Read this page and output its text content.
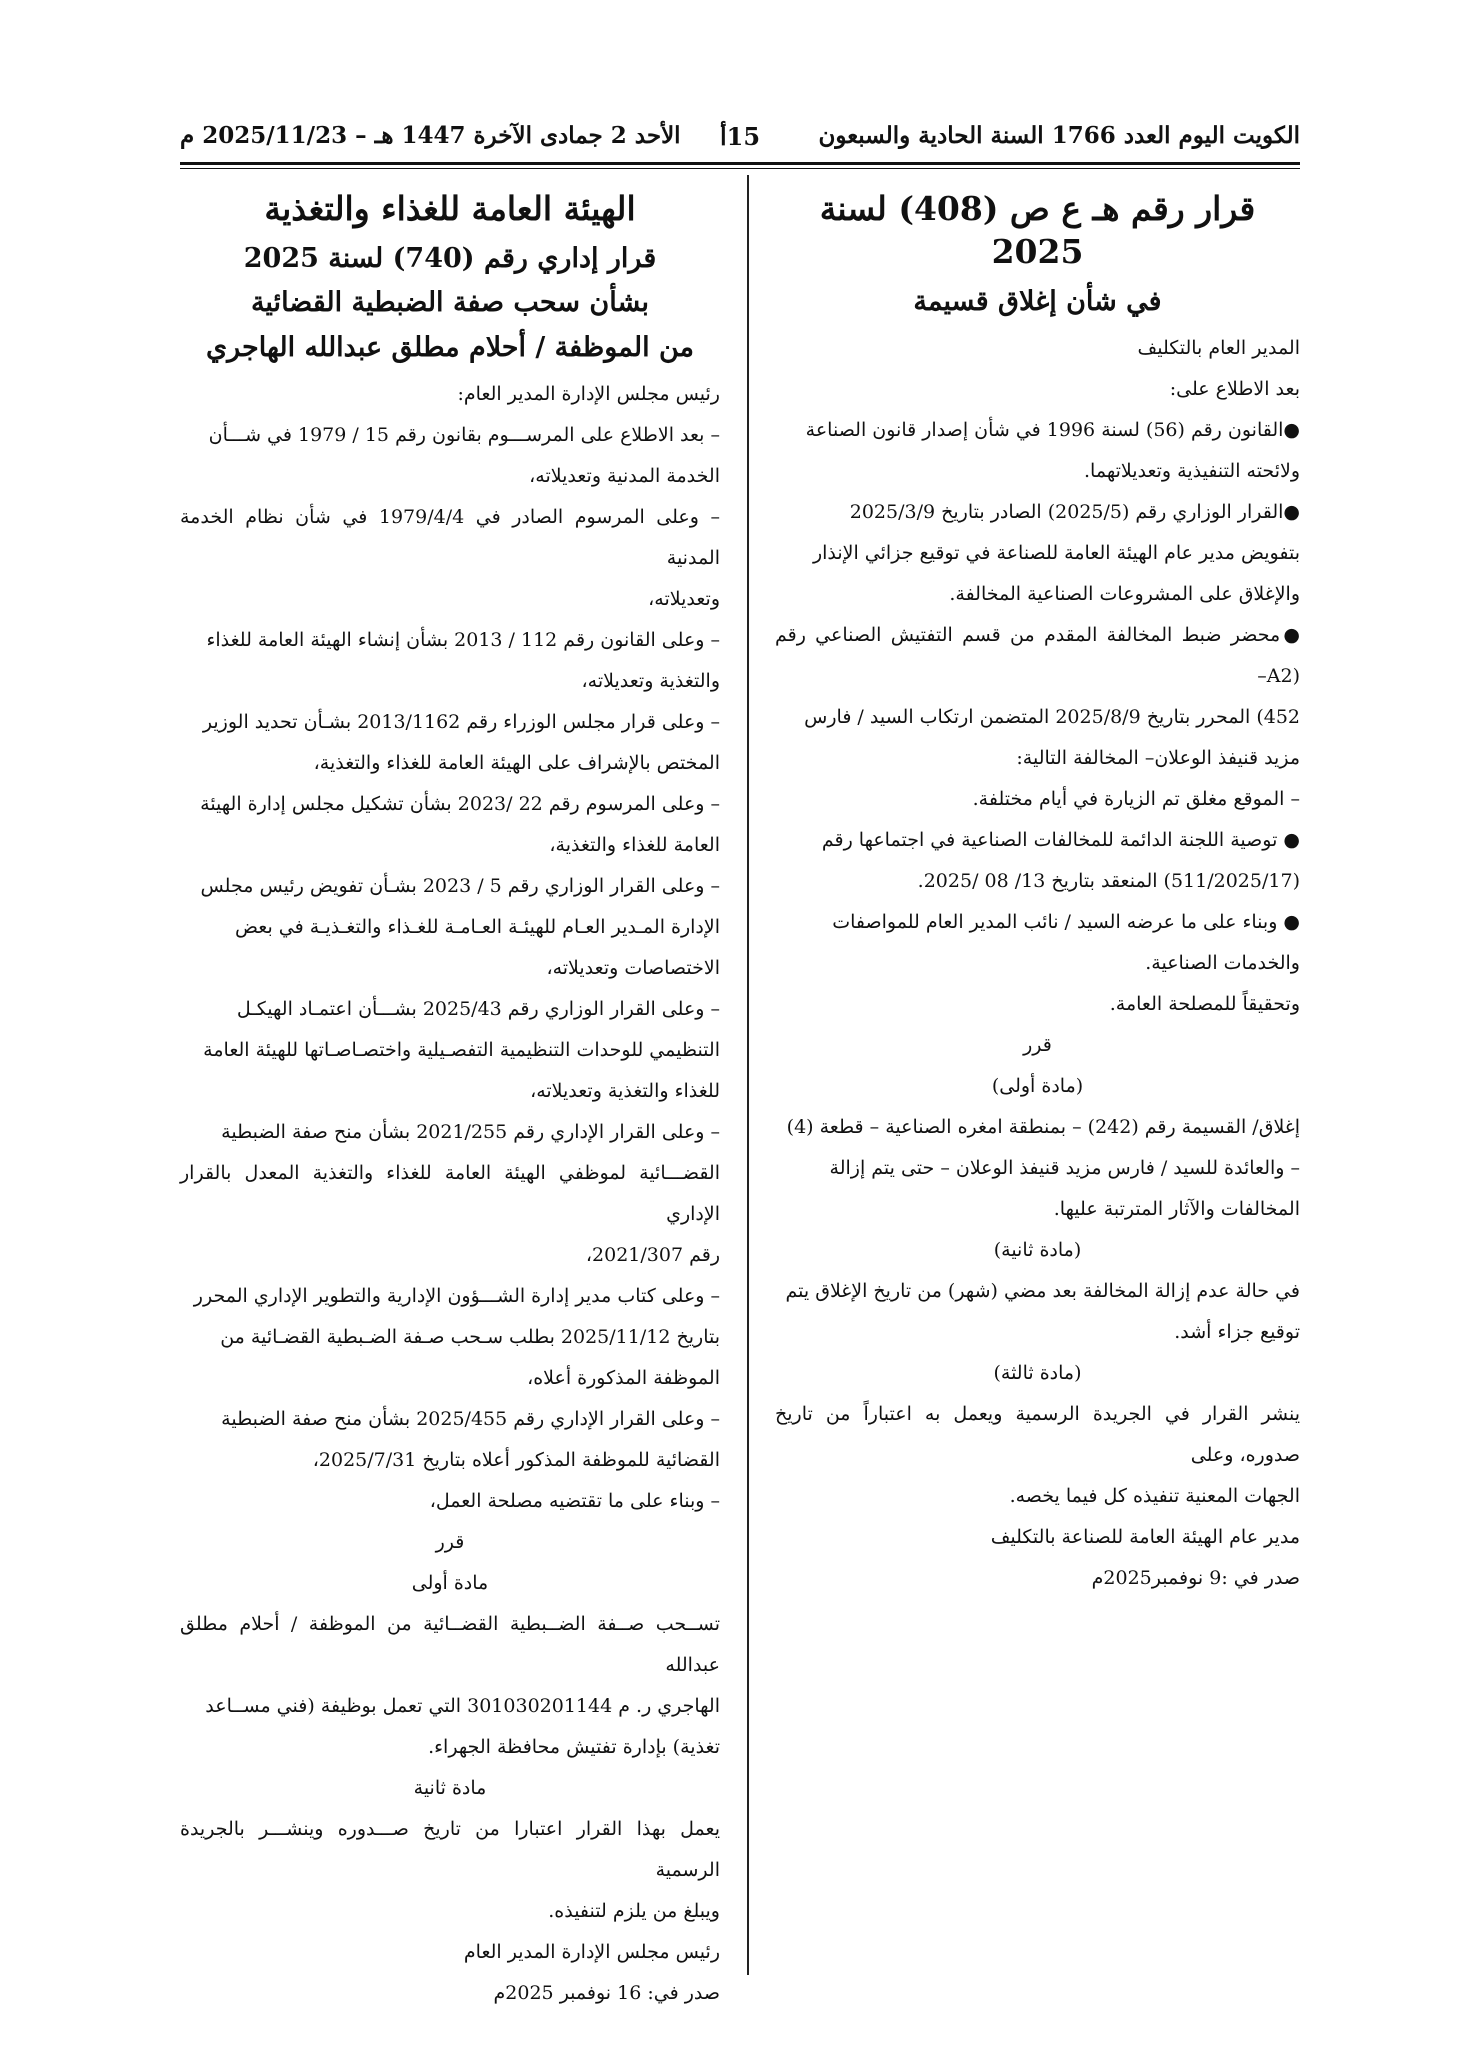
الكويت اليوم العدد 1766 السنة الحادية والسبعون
15أ
الأحد 2 جمادى الآخرة 1447 هـ – 2025/11/23 م
قرار رقم هـ ع ص (408) لسنة 2025
في شأن إغلاق قسيمة

المدير العام بالتكليف

بعد الاطلاع على:

●القانون رقم (56) لسنة 1996 في شأن إصدار قانون الصناعة

ولائحته التنفيذية وتعديلاتهما.

●القرار الوزاري رقم (2025/5) الصادر بتاريخ 2025/3/9

بتفويض مدير عام الهيئة العامة للصناعة في توقيع جزائي الإنذار

والإغلاق على المشروعات الصناعية المخالفة.

●محضر ضبط المخالفة المقدم من قسم التفتيش الصناعي رقم (A2–

452) المحرر بتاريخ 2025/8/9 المتضمن ارتكاب السيد / فارس

مزيد قنيفذ الوعلان– المخالفة التالية:

– الموقع مغلق تم الزيارة في أيام مختلفة.

● توصية اللجنة الدائمة للمخالفات الصناعية في اجتماعها رقم

(511/2025/17) المنعقد بتاريخ 13/ 08 /2025.

● وبناء على ما عرضه السيد / نائب المدير العام للمواصفات

والخدمات الصناعية.

وتحقيقاً للمصلحة العامة.

قرر

(مادة أولى)

إغلاق/ القسيمة رقم (242) – بمنطقة امغره الصناعية – قطعة (4)

– والعائدة للسيد / فارس مزيد قنيفذ الوعلان – حتى يتم إزالة

المخالفات والآثار المترتبة عليها.

(مادة ثانية)

في حالة عدم إزالة المخالفة بعد مضي (شهر) من تاريخ الإغلاق يتم

توقيع جزاء أشد.

(مادة ثالثة)

ينشر القرار في الجريدة الرسمية ويعمل به اعتباراً من تاريخ صدوره، وعلى

الجهات المعنية تنفيذه كل فيما يخصه.

مدير عام الهيئة العامة للصناعة بالتكليف

صدر في :9 نوفمبر2025م

الهيئة العامة للغذاء والتغذية
قرار إداري رقم (740) لسنة 2025
بشأن سحب صفة الضبطية القضائية
من الموظفة / أحلام مطلق عبدالله الهاجري

رئيس مجلس الإدارة المدير العام:

– بعد الاطلاع على المرســـوم بقانون رقم 15 / 1979 في شـــأن

الخدمة المدنية وتعديلاته،

– وعلى المرسوم الصادر في 1979/4/4 في شأن نظام الخدمة المدنية

وتعديلاته،

– وعلى القانون رقم 112 / 2013 بشأن إنشاء الهيئة العامة للغذاء

والتغذية وتعديلاته،

– وعلى قرار مجلس الوزراء رقم 2013/1162 بشـأن تحديد الوزير

المختص بالإشراف على الهيئة العامة للغذاء والتغذية،

– وعلى المرسوم رقم 22 /2023 بشأن تشكيل مجلس إدارة الهيئة

العامة للغذاء والتغذية،

– وعلى القرار الوزاري رقم 5 / 2023 بشـأن تفويض رئيس مجلس

الإدارة المـدير العـام للهيئـة العـامـة للغـذاء والتغـذيـة في بعض

الاختصاصات وتعديلاته،

– وعلى القرار الوزاري رقم 2025/43 بشـــأن اعتمـاد الهيكـل

التنظيمي للوحدات التنظيمية التفصـيلية واختصـاصـاتها للهيئة العامة

للغذاء والتغذية وتعديلاته،

– وعلى القرار الإداري رقم 2021/255 بشأن منح صفة الضبطية

القضـــائية لموظفي الهيئة العامة للغذاء والتغذية المعدل بالقرار الإداري

رقم 2021/307،

– وعلى كتاب مدير إدارة الشـــؤون الإدارية والتطوير الإداري المحرر

بتاريخ 2025/11/12 بطلب سـحب صـفة الضـبطية القضـائية من

الموظفة المذكورة أعلاه،

– وعلى القرار الإداري رقم 2025/455 بشأن منح صفة الضبطية

القضائية للموظفة المذكور أعلاه بتاريخ 2025/7/31،

– وبناء على ما تقتضيه مصلحة العمل،

قرر

مادة أولى

تســحب صــفة الضــبطية القضــائية من الموظفة / أحلام مطلق عبدالله

الهاجري ر. م 301030201144 التي تعمل بوظيفة (فني مســاعد

تغذية) بإدارة تفتيش محافظة الجهراء.

مادة ثانية

يعمل بهذا القرار اعتبارا من تاريخ صـــدوره وينشـــر بالجريدة الرسمية

ويبلغ من يلزم لتنفيذه.

رئيس مجلس الإدارة المدير العام

صدر في: 16 نوفمبر 2025م
